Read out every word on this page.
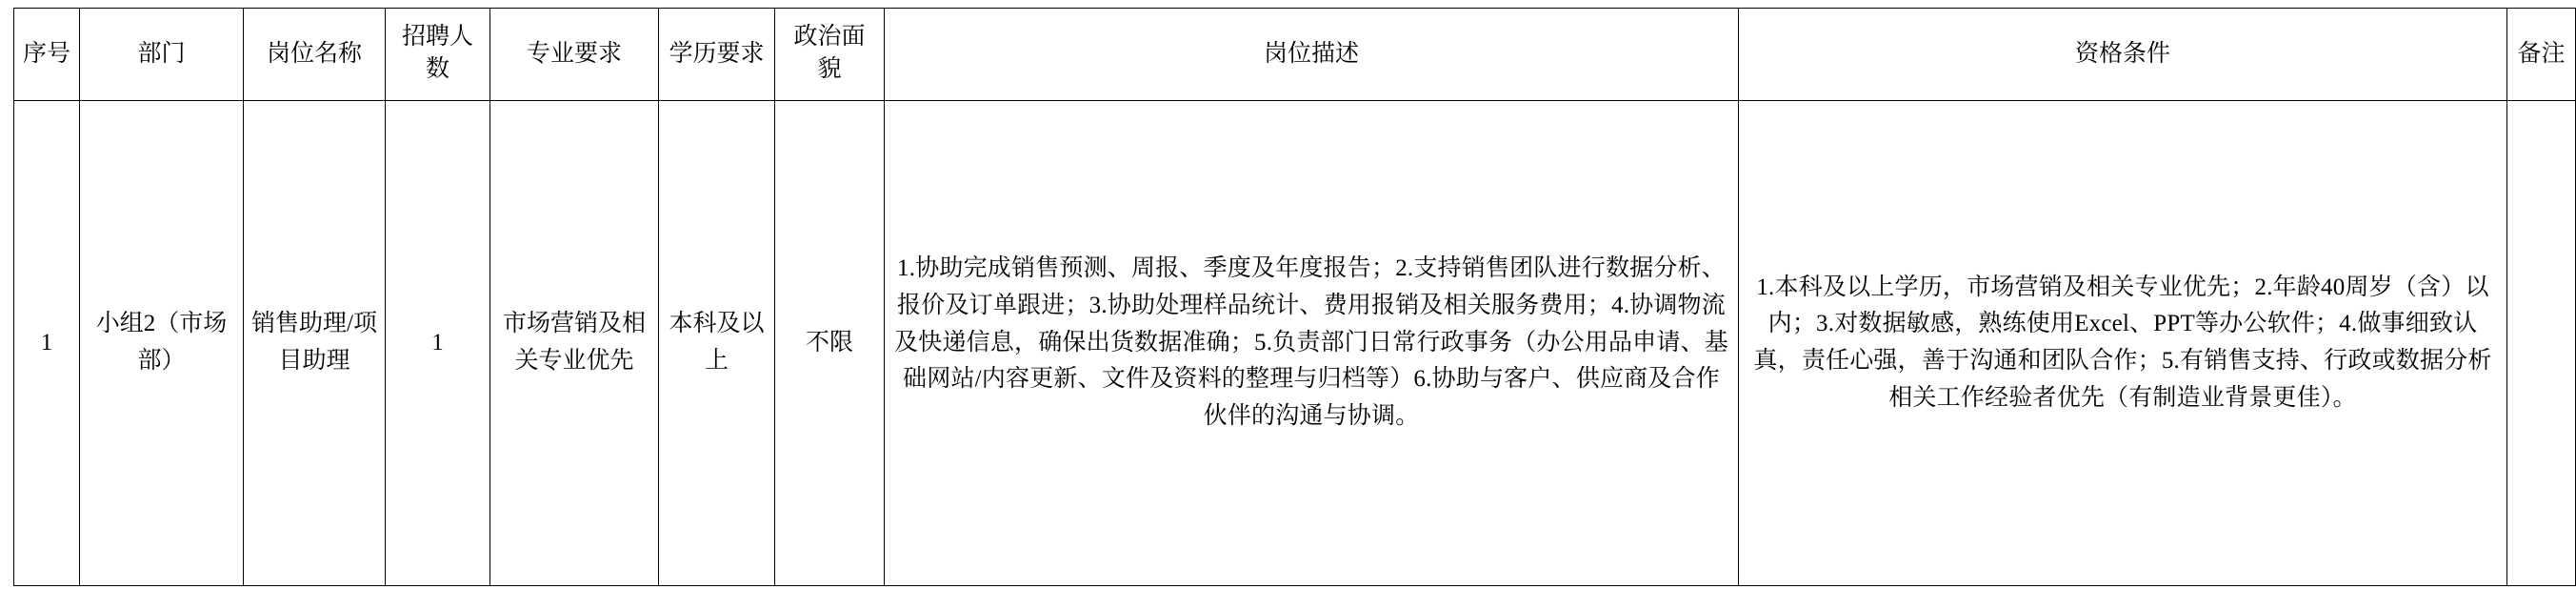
序号	部门	岗位名称	招聘人数	专业要求	学历要求	政治面貌	岗位描述	资格条件	备注
1	小组2（市场部）	销售助理/项目助理	1	市场营销及相关专业优先	本科及以上	不限	1.协助完成销售预测、周报、季度及年度报告；2.支持销售团队进行数据分析、报价及订单跟进；3.协助处理样品统计、费用报销及相关服务费用；4.协调物流及快递信息，确保出货数据准确；5.负责部门日常行政事务（办公用品申请、基础网站/内容更新、文件及资料的整理与归档等）6.协助与客户、供应商及合作伙伴的沟通与协调。	1.本科及以上学历，市场营销及相关专业优先；2.年龄40周岁（含）以内；3.对数据敏感，熟练使用Excel、PPT等办公软件；4.做事细致认真，责任心强，善于沟通和团队合作；5.有销售支持、行政或数据分析相关工作经验者优先（有制造业背景更佳）。	
